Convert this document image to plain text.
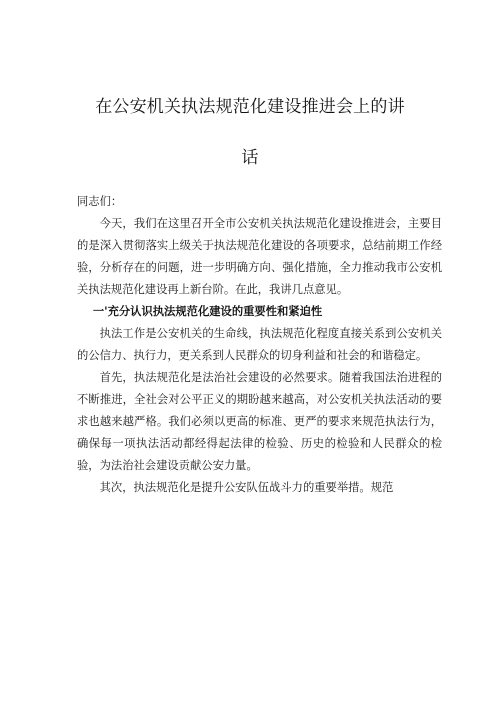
在公安机关执法规范化建设推进会上的讲
话

同志们：

今天，我们在这里召开全市公安机关执法规范化建设推进会，主要目的是深入贯彻落实上级关于执法规范化建设的各项要求，总结前期工作经验，分析存在的问题，进一步明确方向、强化措施，全力推动我市公安机关执法规范化建设再上新台阶。在此，我讲几点意见。

一'充分认识执法规范化建设的重要性和紧迫性

执法工作是公安机关的生命线，执法规范化程度直接关系到公安机关的公信力、执行力，更关系到人民群众的切身利益和社会的和谐稳定。

首先，执法规范化是法治社会建设的必然要求。随着我国法治进程的不断推进，全社会对公平正义的期盼越来越高，对公安机关执法活动的要求也越来越严格。我们必须以更高的标准、更严的要求来规范执法行为，确保每一项执法活动都经得起法律的检验、历史的检验和人民群众的检验，为法治社会建设贡献公安力量。

其次，执法规范化是提升公安队伍战斗力的重要举措。规范
